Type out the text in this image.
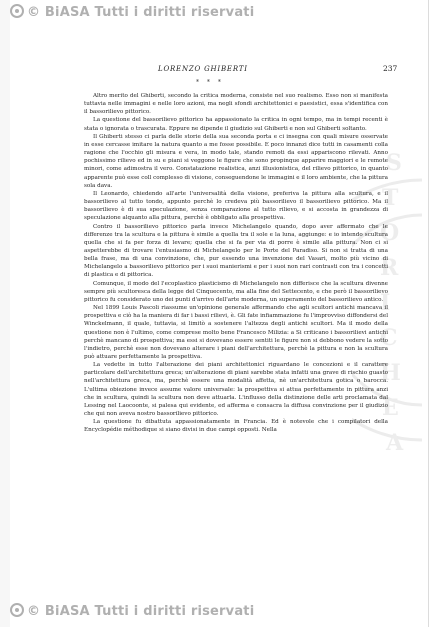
© BiASA Tutti i diritti riservati
S
T
O
R
I
C
H
E
A
LORENZO GHIBERTI	237
* * *

Altro merito del Ghiberti, secondo la critica moderna, consiste nel suo realismo. Esso non si manifesta tuttavia nelle immagini e nelle loro azioni, ma negli sfondi architettonici e paesistici, essa s'identifica con il bassorilievo pittorico.

La questione del bassorilievo pittorico ha appassionato la critica in ogni tempo, ma in tempi recenti è stata o ignorata o trascurata. Eppure ne dipende il giudizio sul Ghiberti e non sul Ghiberti soltanto.

Il Ghiberti stesso ci parla delle storie della sua seconda porta e ci insegna con quali misure osservate in esse cercasse imitare la natura quanto a me fosse possibile. E poco innanzi dice tutti in casamenti colla ragione che l'occhio gli misura e vera, in modo tale, stando remoti da essi appariscono rilevati. Anno pochissimo rilievo ed in su e piani si veggono le figure che sono propinque apparire maggiori e le remote minori, come adimostra il vero. Constatazione realistica, anzi illusionistica, del rilievo pittorico, in quanto apparente può esse coll complesso di visione, conseguendone le immagini e il loro ambiente, che la pittura sola dava.

Il Leonardo, chiedendo all'arte l'universalità della visione, preferiva la pittura alla scultura, e il bassorilievo al tutto tondo, appunto perchè lo credeva più bassorilievo il bassorilievo pittorico. Ma il bassorilievo è di sua speculazione, senza comparazione al tutto rilievo, e si accosta in grandezza di speculazione alquanto alla pittura, perchè è obbligato alla prospettiva.

Contro il bassorilievo pittorico parla invece Michelangelo quando, dopo aver affermato che le differenze tra la scultura e la pittura è simile a quella tra il sole e la luna, aggiunge: e io intendo scultura quella che si fa per forza di levare; quella che si fa per via di porre è simile alla pittura. Non ci si aspetterebbe di trovare l'entusiasmo di Michelangelo per le Porte del Paradiso. Si non si tratta di una bella frase, ma di una convinzione, che, pur essendo una invenzione del Vasari, molto più vicino di Michelangelo a bassorilievo pittorico per i suoi manierismi e per i suoi non rari contrasti con tra i concetti di plastica e di pittorica.

Comunque, il modo del l'ecoplastico plasticismo di Michelangelo non differisce che la scultura divenne sempre più scultoresca della legge del Cinquecento, ma alla fine del Settecento, e che però il bassorilievo pittorico fu considerato uno dei punti d'arrivo dell'arte moderna, un superamento del bassorilievo antico.

Nel 1899 Louis Pascoli riassume un'opinione generale affermando che agli scultori antichi mancava il prospettiva e ciò ha la maniera di far i bassi rilievi, è. Gli fate infiammazione fu l'improvviso diffondersi del Winckelmann, il quale, tuttavia, si limitò a sostenere l'altezza degli antichi scultori. Ma il modo della questione non è l'ultimo, come comprese molto bene Francesco Milizia: a Si criticano i bassorilievi antichi perchè mancano di prospettiva; ma essi si dovevano essere sentiti le figure non si debbono vedere la sotto l'indietro, perchè esse non dovevano alterare i piani dell'architettura, perchè la pittura e non la scultura può attuare perfettamente la prospettiva.

La vedette in tutto l'alterazione dei piani architettonici riguardano le concezioni e il carattere particolare dell'architettura greca; un'alterazione di piani sarebbe stata infatti una grave di rischio guasto nell'architettura greca, ma, perchè essere una modalità affetta, nè un'architettura gotica o barocca. L'ultima obiezione invece assume valore universale: la prospettiva si attua perfettamente in pittura anzi che in scultura, quindi la scultura non deve attuarla. L'influsso della distinzione delle arti proclamata dal Lessing nel Laocoonte, si palesa qui evidente, ed afferma e consacra la diffusa convinzione per il giudizio che qui non aveva nostro bassorilievo pittorico.

La questione fu dibattuta appassionatamente in Francia. Ed è notevole che i compilatori della Encyclopédie méthodique si siano divisi in due campi opposti. Nella

© BiASA Tutti i diritti riservati
